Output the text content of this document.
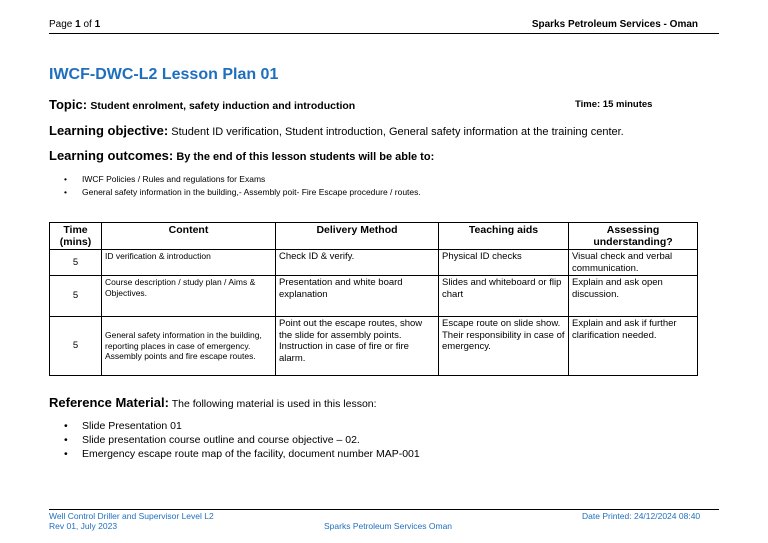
Page 1 of 1	Sparks Petroleum Services - Oman
IWCF-DWC-L2 Lesson Plan 01
Topic: Student enrolment, safety induction and introduction	Time: 15 minutes
Learning objective: Student ID verification, Student introduction, General safety information at the training center.
Learning outcomes: By the end of this lesson students will be able to:
• IWCF Policies / Rules and regulations for Exams
• General safety information in the building,- Assembly poit- Fire Escape procedure / routes.
Time (mins)	Content	Delivery Method	Teaching aids	Assessing understanding?
5	ID verification & introduction	Check ID & verify.	Physical ID checks	Visual check and verbal communication.
5	Course description / study plan / Aims & Objectives.	Presentation and white board explanation	Slides and whiteboard or flip chart	Explain and ask open discussion.
5	General safety information in the building, reporting places in case of emergency. Assembly points and fire escape routes.	Point out the escape routes, show the slide for assembly points. Instruction in case of fire or fire alarm.	Escape route on slide show. Their responsibility in case of emergency.	Explain and ask if further clarification needed.
Reference Material: The following material is used in this lesson:
• Slide Presentation 01
• Slide presentation course outline and course objective – 02.
• Emergency escape route map of the facility, document number MAP-001
Well Control Driller and Supervisor Level L2
Rev 01, July 2023	Sparks Petroleum Services Oman
Date Printed: 24/12/2024 08:40
